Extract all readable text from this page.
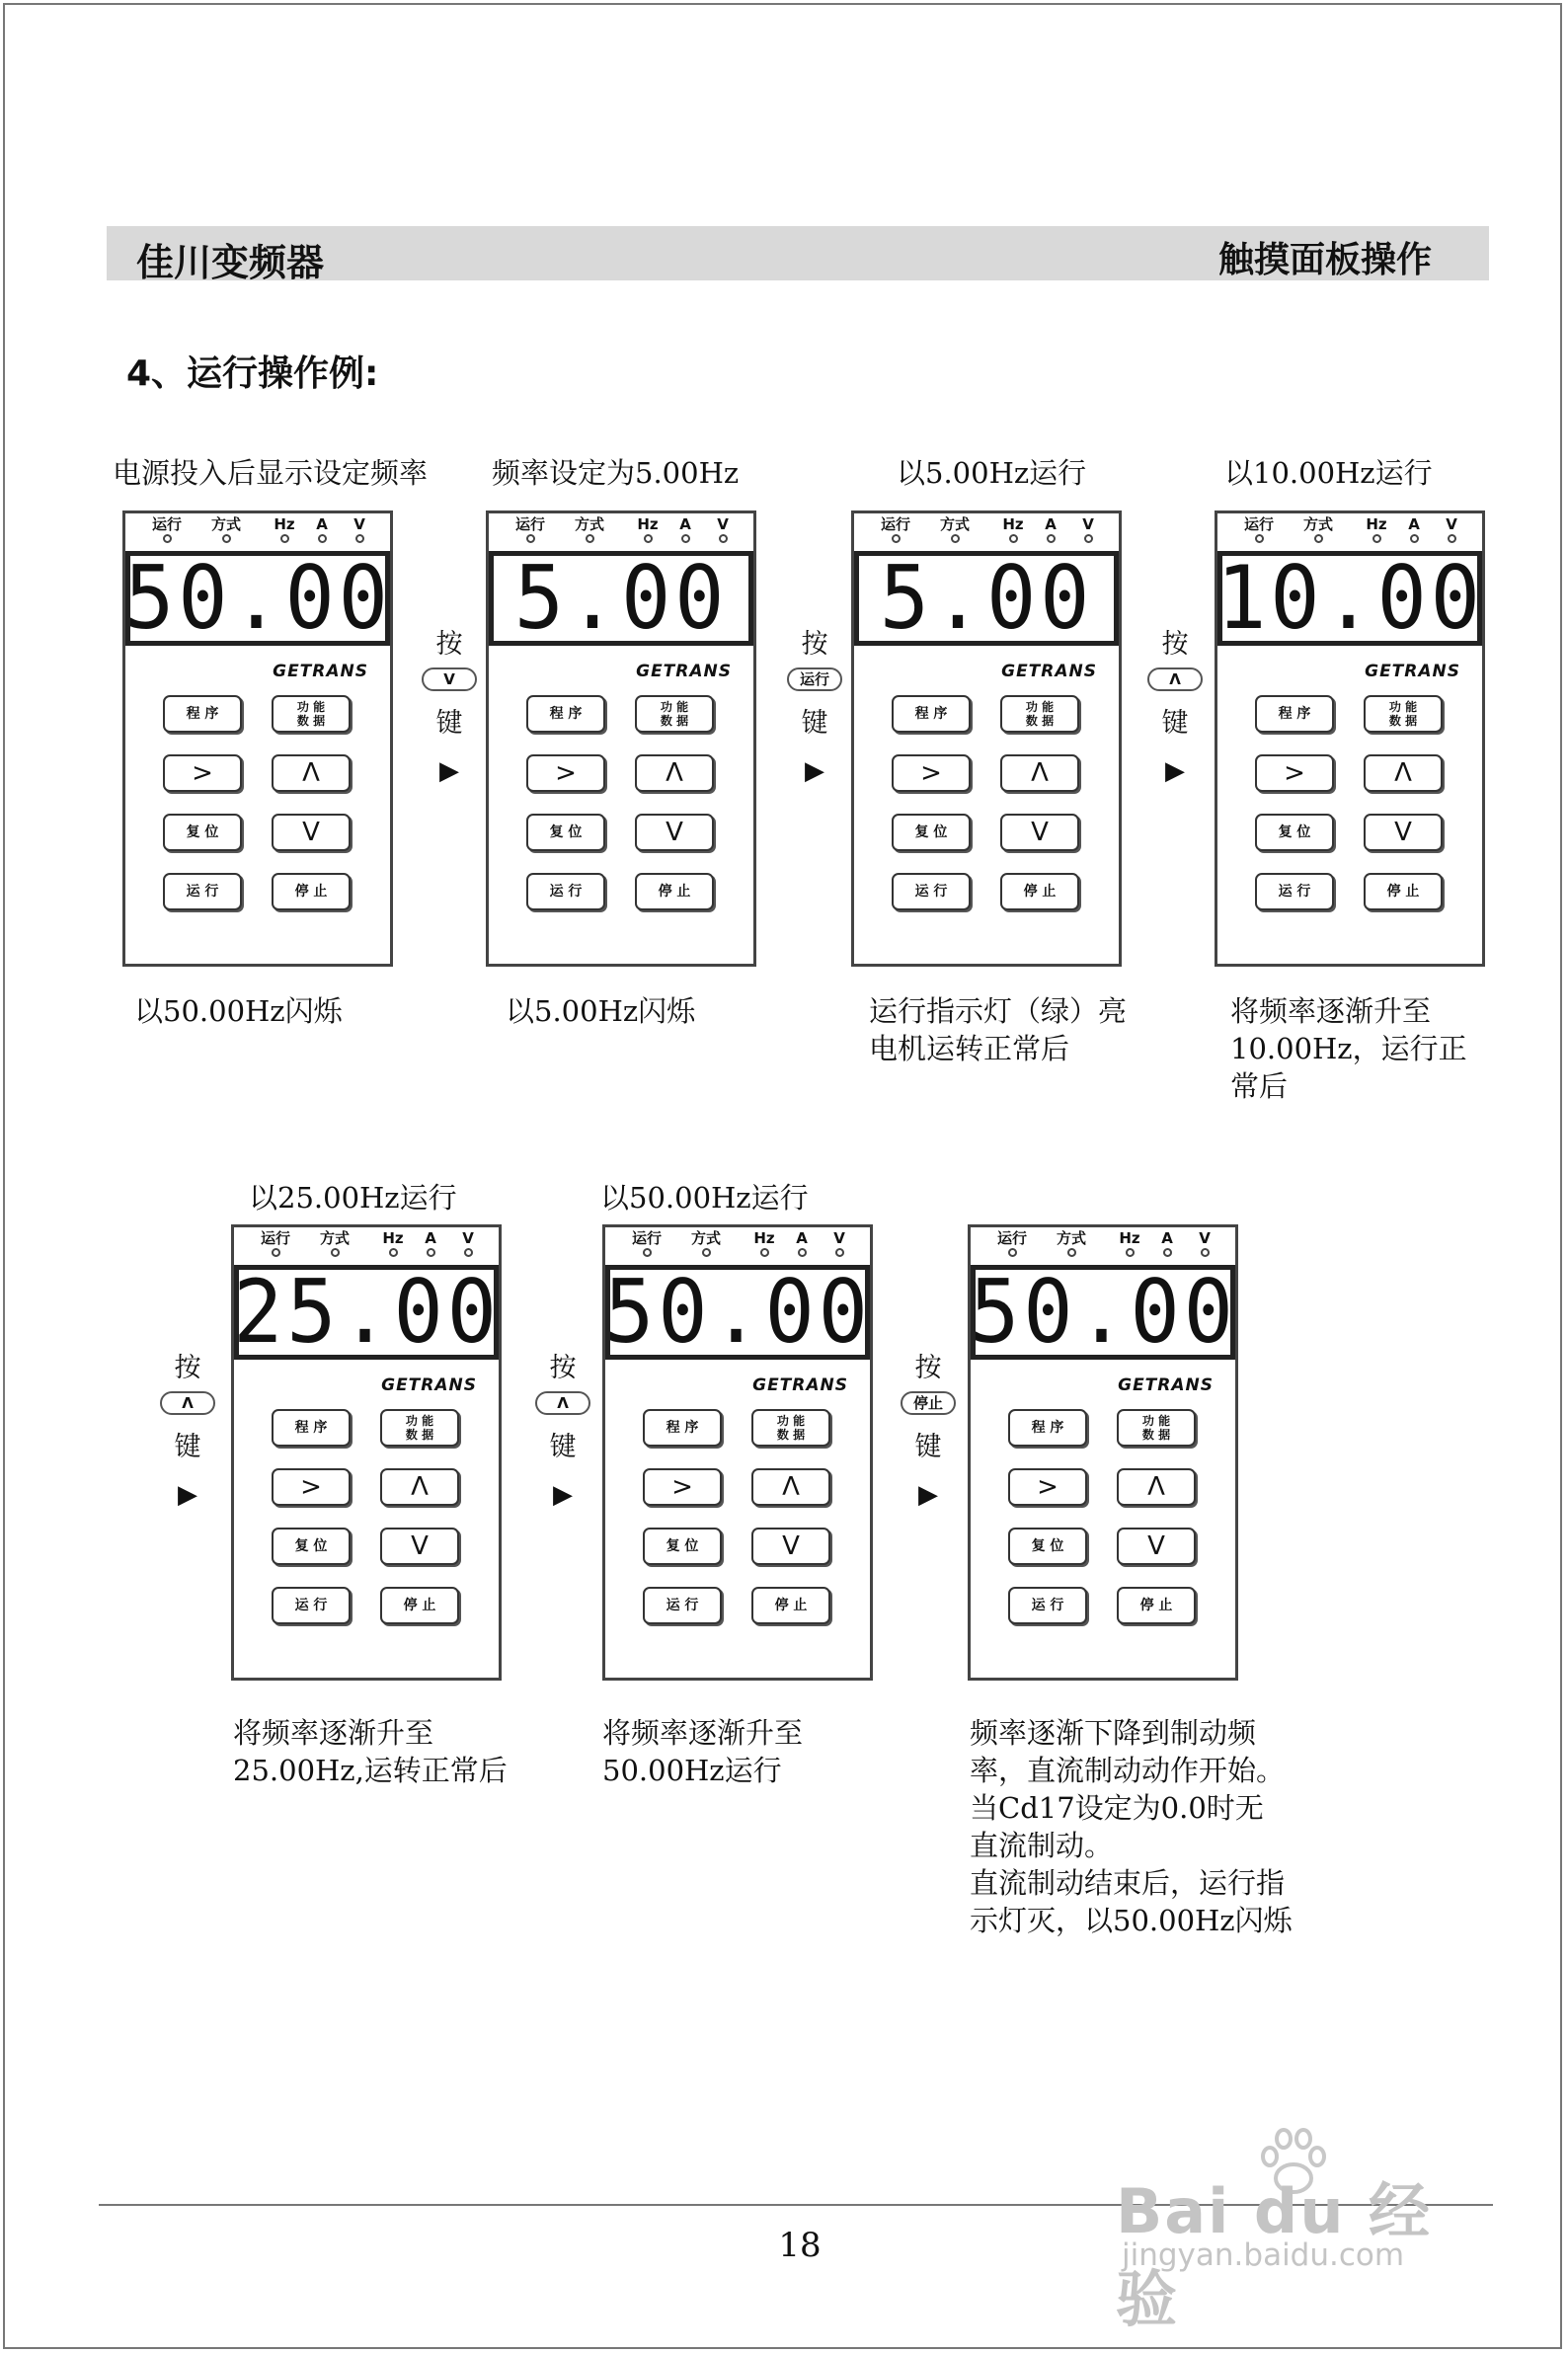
佳川变频器	触摸面板操作
4、运行操作例:
电源投入后显示设定频率 频率设定为5.00Hz	以5.00Hz运行	以10.00Hz运行
以25.00Hz运行	以50.00Hz运行
运行	方式	Hz	A	V
50.00
GETRANS
程 序	功 能
数 据
>	Λ
复 位	V
运 行	停 止
运行	方式	Hz	A	V
5.00
GETRANS
程 序	功 能
数 据
>	Λ
复 位	V
运 行	停 止
运行	方式	Hz	A	V
5.00
GETRANS
程 序	功 能
数 据
>	Λ
复 位	V
运 行	停 止
运行	方式	Hz	A	V
10.00
GETRANS
程 序	功 能
数 据
>	Λ
复 位	V
运 行	停 止
运行	方式	Hz	A	V
25.00
GETRANS
程 序	功 能
数 据
>	Λ
复 位	V
运 行	停 止
运行	方式	Hz	A	V
50.00
GETRANS
程 序	功 能
数 据
>	Λ
复 位	V
运 行	停 止
运行	方式	Hz	A	V
50.00
GETRANS
程 序	功 能
数 据
>	Λ
复 位	V
运 行	停 止
以50.00Hz闪烁	以5.00Hz闪烁	运行指示灯（绿）亮
电机运转正常后
将频率逐渐升至
10.00Hz，运行正
常后
将频率逐渐升至
25.00Hz,运转正常后
将频率逐渐升至
50.00Hz运行
频率逐渐下降到制动频
率，直流制动动作开始。
当Cd17设定为0.0时无
直流制动。
直流制动结束后，运行指
示灯灭，以50.00Hz闪烁
按
V
键
▶
按
运行
键
▶
按
Λ
键
▶
按
Λ
键
▶
按
Λ
键
▶
按
停止
键
▶
18	Bai du 经验
jingyan.baidu.com
